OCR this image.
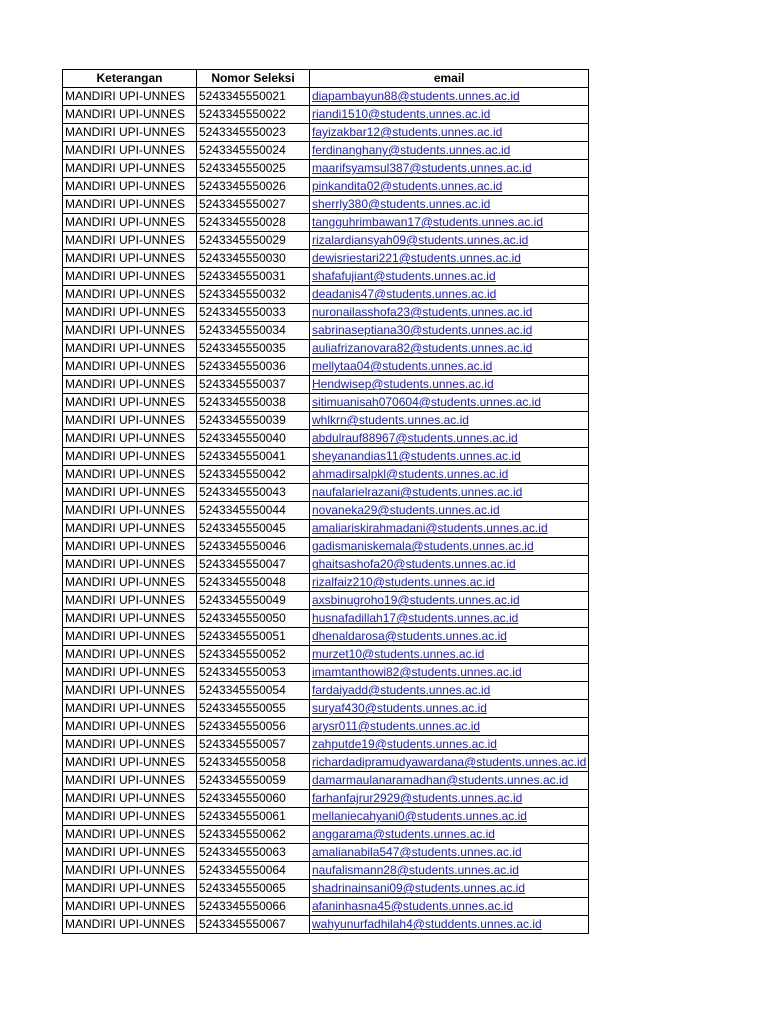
Keterangan	Nomor Seleksi	email
MANDIRI UPI-UNNES	5243345550021	diapambayun88@students.unnes.ac.id
MANDIRI UPI-UNNES	5243345550022	riandi1510@students.unnes.ac.id
MANDIRI UPI-UNNES	5243345550023	fayizakbar12@students.unnes.ac.id
MANDIRI UPI-UNNES	5243345550024	ferdinanghany@students.unnes.ac.id
MANDIRI UPI-UNNES	5243345550025	maarifsyamsul387@students.unnes.ac.id
MANDIRI UPI-UNNES	5243345550026	pinkandita02@students.unnes.ac.id
MANDIRI UPI-UNNES	5243345550027	sherrly380@students.unnes.ac.id
MANDIRI UPI-UNNES	5243345550028	tangguhrimbawan17@students.unnes.ac.id
MANDIRI UPI-UNNES	5243345550029	rizalardiansyah09@students.unnes.ac.id
MANDIRI UPI-UNNES	5243345550030	dewisriestari221@students.unnes.ac.id
MANDIRI UPI-UNNES	5243345550031	shafafujiant@students.unnes.ac.id
MANDIRI UPI-UNNES	5243345550032	deadanis47@students.unnes.ac.id
MANDIRI UPI-UNNES	5243345550033	nuronailasshofa23@students.unnes.ac.id
MANDIRI UPI-UNNES	5243345550034	sabrinaseptiana30@students.unnes.ac.id
MANDIRI UPI-UNNES	5243345550035	auliafrizanovara82@students.unnes.ac.id
MANDIRI UPI-UNNES	5243345550036	mellytaa04@students.unnes.ac.id
MANDIRI UPI-UNNES	5243345550037	Hendwisep@students.unnes.ac.id
MANDIRI UPI-UNNES	5243345550038	sitimuanisah070604@students.unnes.ac.id
MANDIRI UPI-UNNES	5243345550039	whlkrn@students.unnes.ac.id
MANDIRI UPI-UNNES	5243345550040	abdulrauf88967@students.unnes.ac.id
MANDIRI UPI-UNNES	5243345550041	sheyanandias11@students.unnes.ac.id
MANDIRI UPI-UNNES	5243345550042	ahmadirsalpkl@students.unnes.ac.id
MANDIRI UPI-UNNES	5243345550043	naufalarielrazani@students.unnes.ac.id
MANDIRI UPI-UNNES	5243345550044	novaneka29@students.unnes.ac.id
MANDIRI UPI-UNNES	5243345550045	amaliariskirahmadani@students.unnes.ac.id
MANDIRI UPI-UNNES	5243345550046	gadismaniskemala@students.unnes.ac.id
MANDIRI UPI-UNNES	5243345550047	ghaitsashofa20@students.unnes.ac.id
MANDIRI UPI-UNNES	5243345550048	rizalfaiz210@students.unnes.ac.id
MANDIRI UPI-UNNES	5243345550049	axsbinugroho19@students.unnes.ac.id
MANDIRI UPI-UNNES	5243345550050	husnafadillah17@students.unnes.ac.id
MANDIRI UPI-UNNES	5243345550051	dhenaldarosa@students.unnes.ac.id
MANDIRI UPI-UNNES	5243345550052	murzet10@students.unnes.ac.id
MANDIRI UPI-UNNES	5243345550053	imamtanthowi82@students.unnes.ac.id
MANDIRI UPI-UNNES	5243345550054	fardaiyadd@students.unnes.ac.id
MANDIRI UPI-UNNES	5243345550055	suryaf430@students.unnes.ac.id
MANDIRI UPI-UNNES	5243345550056	arysr011@students.unnes.ac.id
MANDIRI UPI-UNNES	5243345550057	zahputde19@students.unnes.ac.id
MANDIRI UPI-UNNES	5243345550058	richardadipramudyawardana@students.unnes.ac.id
MANDIRI UPI-UNNES	5243345550059	damarmaulanaramadhan@students.unnes.ac.id
MANDIRI UPI-UNNES	5243345550060	farhanfajrur2929@students.unnes.ac.id
MANDIRI UPI-UNNES	5243345550061	mellaniecahyani0@students.unnes.ac.id
MANDIRI UPI-UNNES	5243345550062	anggarama@students.unnes.ac.id
MANDIRI UPI-UNNES	5243345550063	amalianabila547@students.unnes.ac.id
MANDIRI UPI-UNNES	5243345550064	naufalismann28@students.unnes.ac.id
MANDIRI UPI-UNNES	5243345550065	shadrinainsani09@students.unnes.ac.id
MANDIRI UPI-UNNES	5243345550066	afaninhasna45@students.unnes.ac.id
MANDIRI UPI-UNNES	5243345550067	wahyunurfadhilah4@studdents.unnes.ac.id
